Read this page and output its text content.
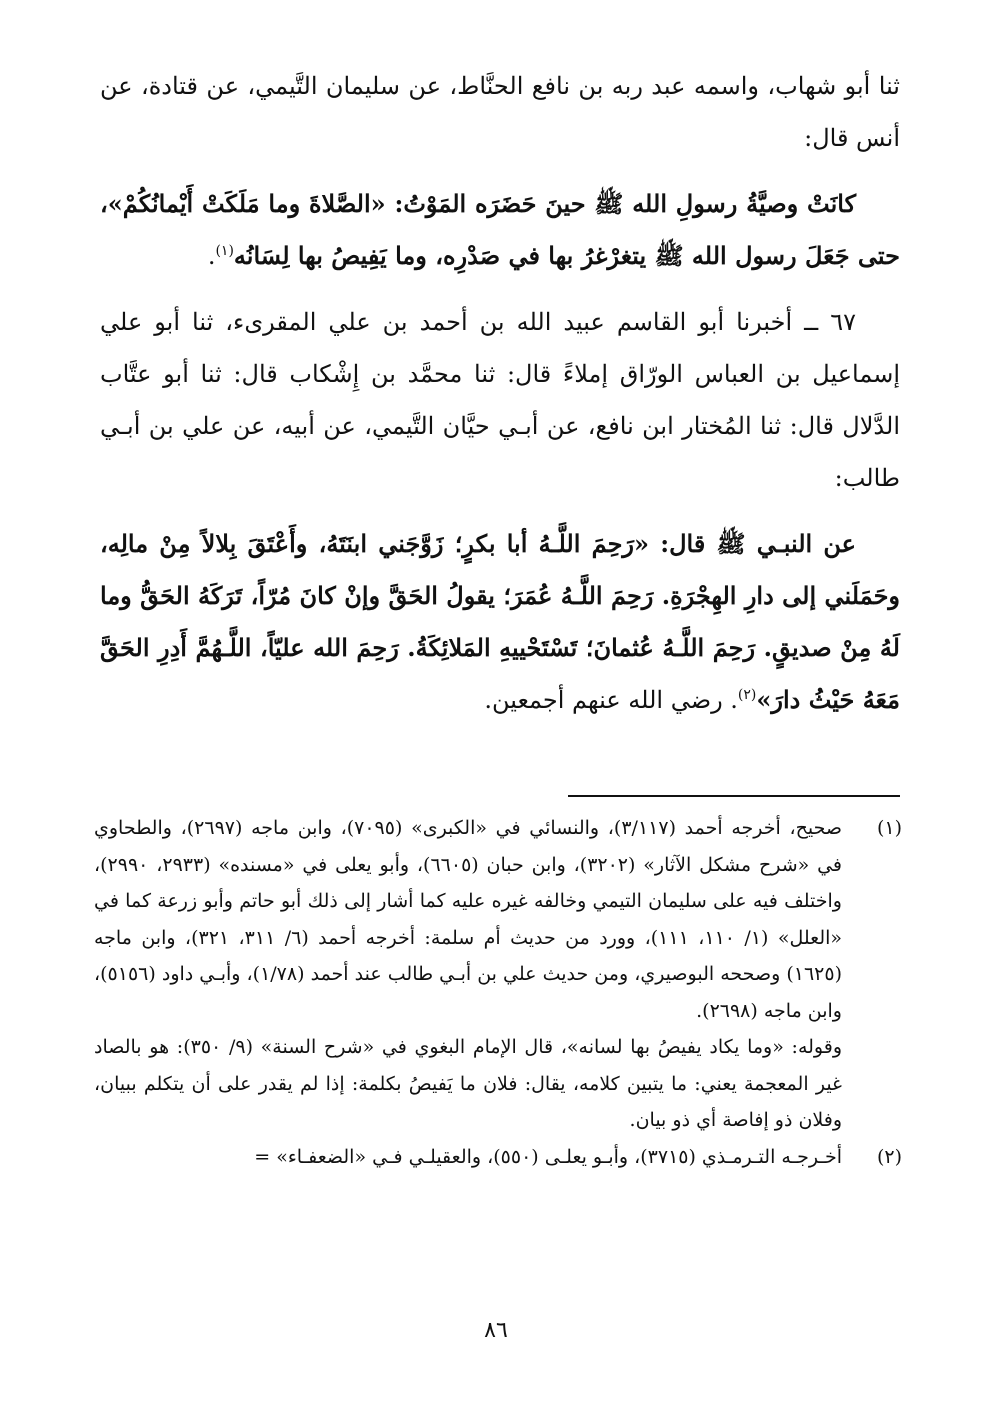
ثنا أبو شهاب، واسمه عبد ربه بن نافع الحنَّاط، عن سليمان التَّيمي، عن قتادة، عن أنس قال:

كانَتْ وصيَّةُ رسولِ الله ﷺ حينَ حَضَرَه المَوْتُ: «الصَّلاةَ وما مَلَكَتْ أَيْمانُكُمْ»، حتى جَعَلَ رسول الله ﷺ يتغرْغرُ بها في صَدْرِه، وما يَفِيصُ بها لِسَانُه$^{(١)}$.

٦٧ ــ أخبرنا أبو القاسم عبيد الله بن أحمد بن علي المقرىء، ثنا أبو علي إسماعيل بن العباس الورّاق إملاءً قال: ثنا محمَّد بن إِشْكاب قال: ثنا أبو عتَّاب الدَّلال قال: ثنا المُختار ابن نافع، عن أبـي حيَّان التَّيمي، عن أبيه، عن علي بن أبـي طالب:

عن النبـي ﷺ قال: «رَحِمَ اللَّـهُ أبا بكرٍ؛ زَوَّجَني ابنَتَهُ، وأَعْتَقَ بِلالاً مِنْ مالِه، وحَمَلَني إلى دارِ الهِجْرَةِ. رَحِمَ اللَّـهُ عُمَرَ؛ يقولُ الحَقَّ وإنْ كانَ مُرّاً، تَرَكَهُ الحَقُّ وما لَهُ مِنْ صديقٍ. رَحِمَ اللَّـهُ عُثمانَ؛ تَسْتَحْييهِ المَلائِكَةُ. رَحِمَ الله عليّاً، اللَّـهُمَّ أَدِرِ الحَقَّ مَعَهُ حَيْثُ دارَ»$^{(٢)}$. رضي الله عنهم أجمعين.

(١)

صحيح، أخرجه أحمد (٣/١١٧)، والنسائي في «الكبرى» (٧٠٩٥)، وابن ماجه (٢٦٩٧)، والطحاوي في «شرح مشكل الآثار» (٣٢٠٢)، وابن حبان (٦٦٠٥)، وأبو يعلى في «مسنده» (٢٩٣٣، ٢٩٩٠)، واختلف فيه على سليمان التيمي وخالفه غيره عليه كما أشار إلى ذلك أبو حاتم وأبو زرعة كما في «العلل» (١/ ١١٠، ١١١)، وورد من حديث أم سلمة: أخرجه أحمد (٦/ ٣١١، ٣٢١)، وابن ماجه (١٦٢٥) وصححه البوصيري، ومن حديث علي بن أبـي طالب عند أحمد (١/٧٨)، وأبـي داود (٥١٥٦)، وابن ماجه (٢٦٩٨).

وقوله: «وما يكاد يفيصُ بها لسانه»، قال الإمام البغوي في «شرح السنة» (٩/ ٣٥٠): هو بالصاد غير المعجمة يعني: ما يتبين كلامه، يقال: فلان ما يَفيصُ بكلمة: إذا لم يقدر على أن يتكلم ببيان، وفلان ذو إفاصة أي ذو بيان.

(٢)

أخـرجـه التـرمـذي (٣٧١٥)، وأبـو يعلـى (٥٥٠)، والعقيلـي فـي «الضعفـاء» =

٨٦
